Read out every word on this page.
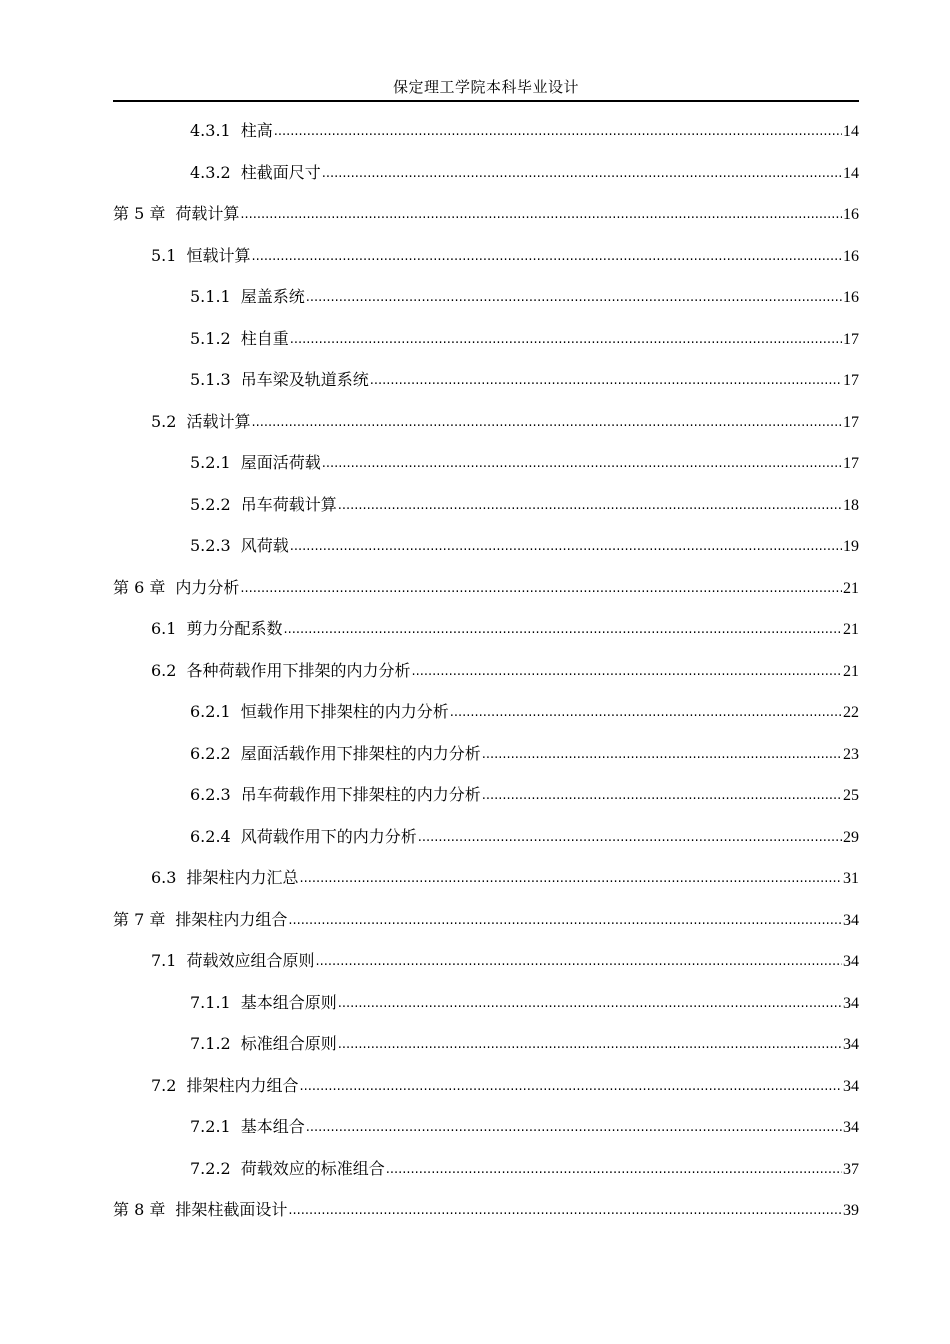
保定理工学院本科毕业设计
4.3.1 柱高 .....	14
4.3.2 柱截面尺寸 .....	14
第 5 章 荷载计算 .....	16
5.1 恒载计算 .....	16
5.1.1 屋盖系统 .....	16
5.1.2 柱自重 .....	17
5.1.3 吊车梁及轨道系统 .....	17
5.2 活载计算 .....	17
5.2.1 屋面活荷载 .....	17
5.2.2 吊车荷载计算 .....	18
5.2.3 风荷载 .....	19
第 6 章 内力分析 .....	21
6.1 剪力分配系数 .....	21
6.2 各种荷载作用下排架的内力分析 .....	21
6.2.1 恒载作用下排架柱的内力分析 .....	22
6.2.2 屋面活载作用下排架柱的内力分析 .....	23
6.2.3 吊车荷载作用下排架柱的内力分析 .....	25
6.2.4 风荷载作用下的内力分析 .....	29
6.3 排架柱内力汇总 .....	31
第 7 章 排架柱内力组合 .....	34
7.1 荷载效应组合原则 .....	34
7.1.1 基本组合原则 .....	34
7.1.2 标准组合原则 .....	34
7.2 排架柱内力组合 .....	34
7.2.1 基本组合 .....	34
7.2.2 荷载效应的标准组合 .....	37
第 8 章 排架柱截面设计 .....	39
